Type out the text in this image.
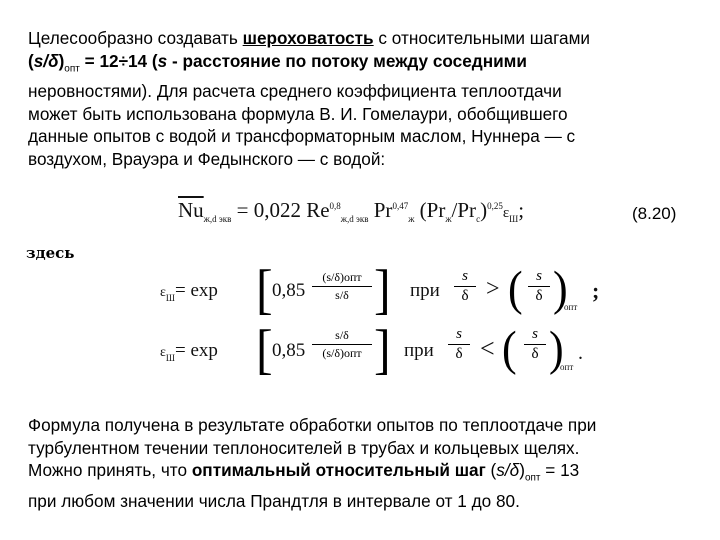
Целесообразно создавать шероховатость с относительными шагами
$(s/\delta)_{опт} = 12\div 14$ (s - расстояние по потоку между соседними
неровностями). Для расчета среднего коэффициента теплоотдачи
может быть использована формула В. И. Гомелаури, обобщившего
данные опытов с водой и трансформаторным маслом, Нуннера — с
воздухом, Врауэра и Федынского — с водой:
$\overline{Nu}_{ж,d экв} = 0,022$ Re$^{0,8}_{ж,d экв}$ Pr$^{0,47}_ж$ $(Pr_ж/Pr_c)^{0,25}\varepsilon_Ш$;	(8.20)
здесь
$\varepsilon_Ш= \exp$ [ 0,85
(s/δ)опт
s/δ ] при
s
δ > ( s
δ )
опт
;
$\varepsilon_Ш= \exp$ [ 0,85
s/δ
(s/δ)опт ] при
s
δ < (	s
δ )
опт
.
Формула получена в результате обработки опытов по теплоотдаче при
турбулентном течении теплоносителей в трубах и кольцевых щелях.
Можно принять, что оптимальный относительный шаг $(s/\delta)_{опт} = 13$
при любом значении числа Прандтля в интервале от 1 до 80.
